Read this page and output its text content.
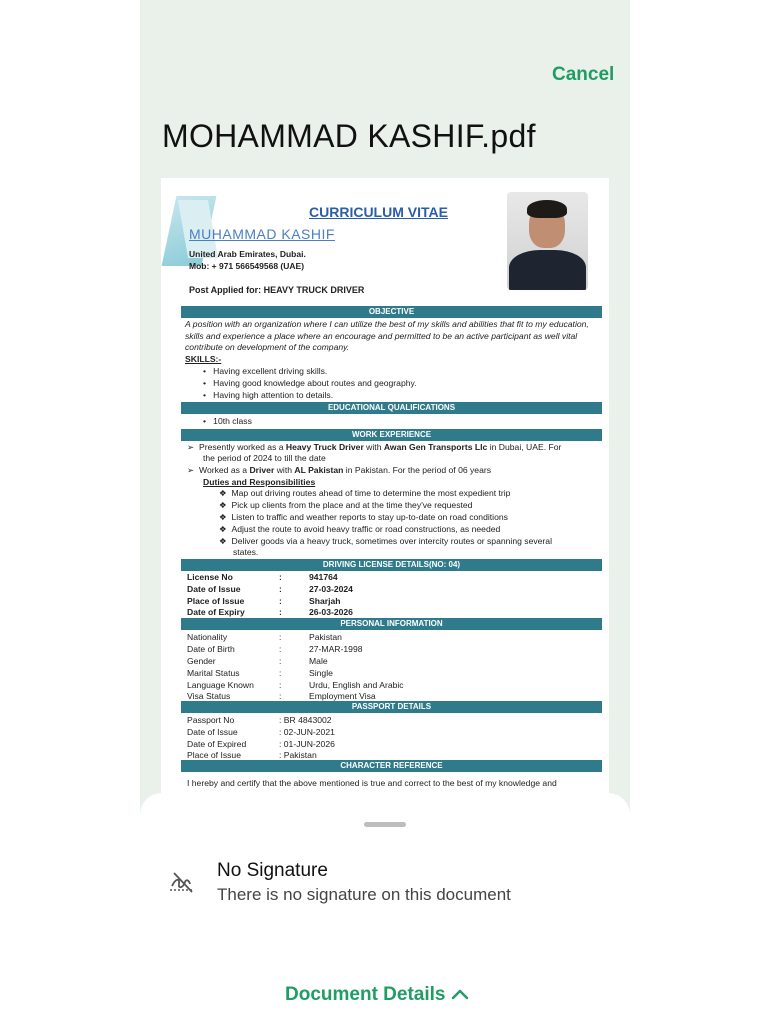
Cancel
MOHAMMAD KASHIF.pdf
CURRICULUM VITAE
MUHAMMAD KASHIF
United Arab Emirates, Dubai.
Mob: + 971 566549568 (UAE)
Post Applied for: HEAVY TRUCK DRIVER
OBJECTIVE
A position with an organization where I can utilize the best of my skills and abilities that fit to my education, skills and experience a place where an encourage and permitted to be an active participant as well vital contribute on development of the company.
SKILLS:-
•   Having excellent driving skills.
•   Having good knowledge about routes and geography.
•   Having high attention to details.
EDUCATIONAL QUALIFICATIONS
•   10th class
WORK EXPERIENCE
➢  Presently worked as a Heavy Truck Driver with Awan Gen Transports Llc in Dubai, UAE. For
the period of 2024 to till the date
➢  Worked as a Driver with AL Pakistan in Pakistan. For the period of 06 years
Duties and Responsibilities
❖  Map out driving routes ahead of time to determine the most expedient trip
❖  Pick up clients from the place and at the time they've requested
❖  Listen to traffic and weather reports to stay up-to-date on road conditions
❖  Adjust the route to avoid heavy traffic or road constructions, as needed
❖  Deliver goods via a heavy truck, sometimes over intercity routes or spanning several
states.
DRIVING LICENSE DETAILS(NO: 04)
License No	:	941764
Date of Issue	:	27-03-2024
Place of Issue	:	Sharjah
Date of Expiry	:	26-03-2026
PERSONAL INFORMATION
Nationality	:	Pakistan
Date of Birth	:	27-MAR-1998
Gender	:	Male
Marital Status	:	Single
Language Known	:	Urdu, English and Arabic
Visa Status	:	Employment Visa
PASSPORT DETAILS
Passport No	: BR 4843002
Date of Issue	: 02-JUN-2021
Date of Expired	: 01-JUN-2026
Place of Issue	: Pakistan
CHARACTER REFERENCE
I hereby and certify that the above mentioned is true and correct to the best of my knowledge and
No Signature
There is no signature on this document
Document Details
